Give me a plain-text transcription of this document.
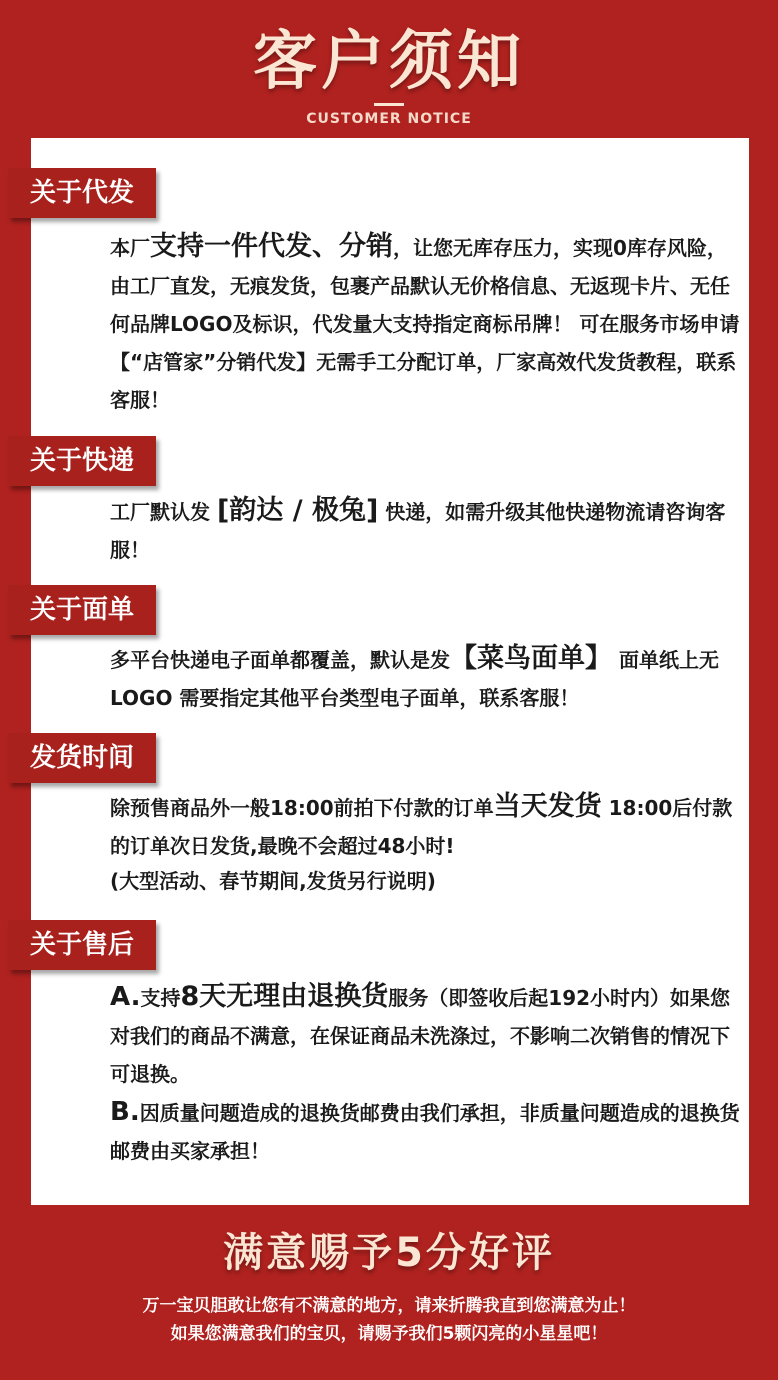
客户须知
CUSTOMER NOTICE
关于代发
本厂支持一件代发、分销，让您无库存压力，实现0库存风险，由工厂直发，无痕发货，包裹产品默认无价格信息、无返现卡片、无任何品牌LOGO及标识，代发量大支持指定商标吊牌！ 可在服务市场申请【“店管家”分销代发】无需手工分配订单，厂家高效代发货教程，联系客服！
关于快递
工厂默认发 [韵达 / 极兔] 快递，如需升级其他快递物流请咨询客服！
关于面单
多平台快递电子面单都覆盖，默认是发【菜鸟面单】 面单纸上无LOGO 需要指定其他平台类型电子面单，联系客服！
发货时间
除预售商品外一般18:00前拍下付款的订单当天发货 18:00后付款的订单次日发货,最晚不会超过48小时!
(大型活动、春节期间,发货另行说明)
关于售后
A.支持8天无理由退换货服务（即签收后起192小时内）如果您对我们的商品不满意，在保证商品未洗涤过，不影响二次销售的情况下可退换。
B.因质量问题造成的退换货邮费由我们承担，非质量问题造成的退换货邮费由买家承担！
满意赐予5分好评
万一宝贝胆敢让您有不满意的地方，请来折腾我直到您满意为止！
如果您满意我们的宝贝，请赐予我们5颗闪亮的小星星吧！
